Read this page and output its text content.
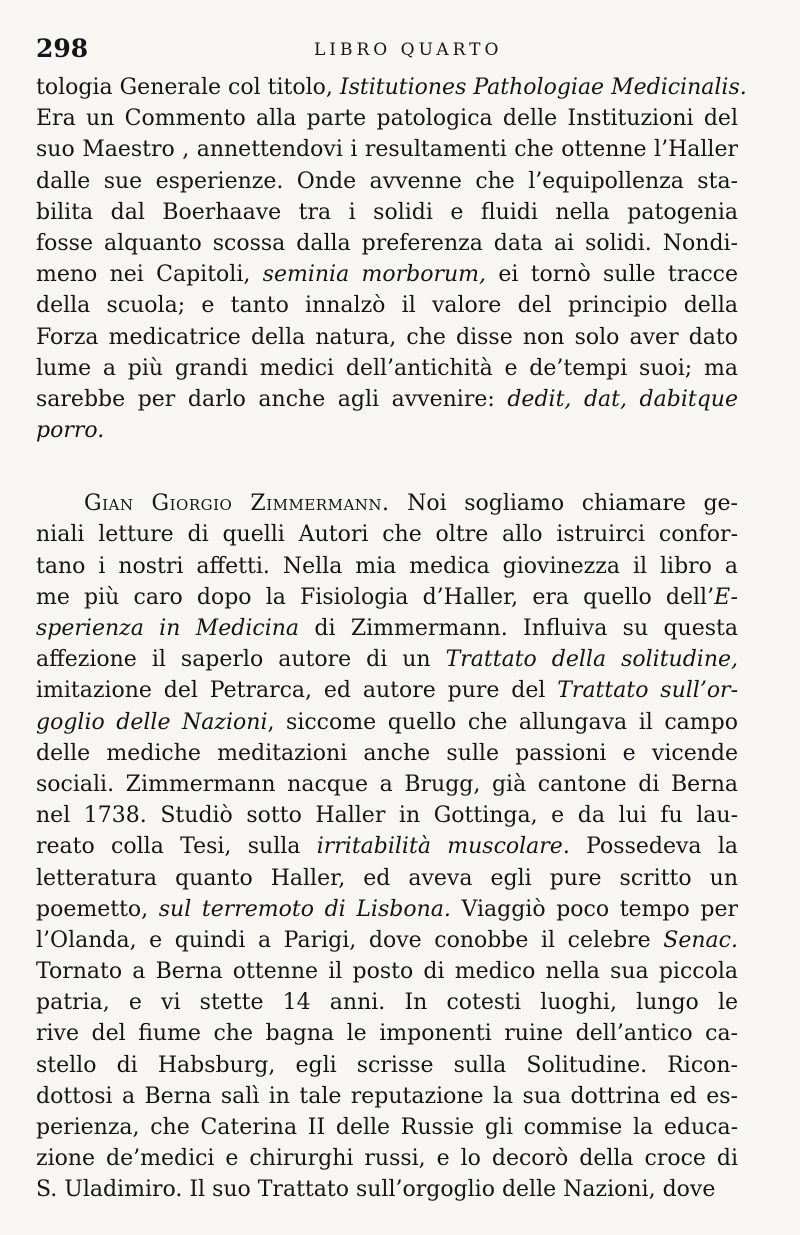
298	LIBRO QUARTO
tologia Generale col titolo, Istitutiones Pathologiae Medicinalis.
Era un Commento alla parte patologica delle Instituzioni del
suo Maestro , annettendovi i resultamenti che ottenne l’Haller
dalle sue esperienze. Onde avvenne che l’equipollenza sta-
bilita dal Boerhaave tra i solidi e fluidi nella patogenia
fosse alquanto scossa dalla preferenza data ai solidi. Nondi-
meno nei Capitoli, seminia morborum, ei tornò sulle tracce
della scuola; e tanto innalzò il valore del principio della
Forza medicatrice della natura, che disse non solo aver dato
lume a più grandi medici dell’antichità e de’tempi suoi; ma
sarebbe per darlo anche agli avvenire: dedit, dat, dabitque
porro.
Gian Giorgio Zimmermann. Noi sogliamo chiamare ge-
niali letture di quelli Autori che oltre allo istruirci confor-
tano i nostri affetti. Nella mia medica giovinezza il libro a
me più caro dopo la Fisiologia d’Haller, era quello dell’E-
sperienza in Medicina di Zimmermann. Influiva su questa
affezione il saperlo autore di un Trattato della solitudine,
imitazione del Petrarca, ed autore pure del Trattato sull’or-
goglio delle Nazioni, siccome quello che allungava il campo
delle mediche meditazioni anche sulle passioni e vicende
sociali. Zimmermann nacque a Brugg, già cantone di Berna
nel 1738. Studiò sotto Haller in Gottinga, e da lui fu lau-
reato colla Tesi, sulla irritabilità muscolare. Possedeva la
letteratura quanto Haller, ed aveva egli pure scritto un
poemetto, sul terremoto di Lisbona. Viaggiò poco tempo per
l’Olanda, e quindi a Parigi, dove conobbe il celebre Senac.
Tornato a Berna ottenne il posto di medico nella sua piccola
patria, e vi stette 14 anni. In cotesti luoghi, lungo le
rive del fiume che bagna le imponenti ruine dell’antico ca-
stello di Habsburg, egli scrisse sulla Solitudine. Ricon-
dottosi a Berna salì in tale reputazione la sua dottrina ed es-
perienza, che Caterina II delle Russie gli commise la educa-
zione de’medici e chirurghi russi, e lo decorò della croce di
S. Uladimiro. Il suo Trattato sull’orgoglio delle Nazioni, dove
